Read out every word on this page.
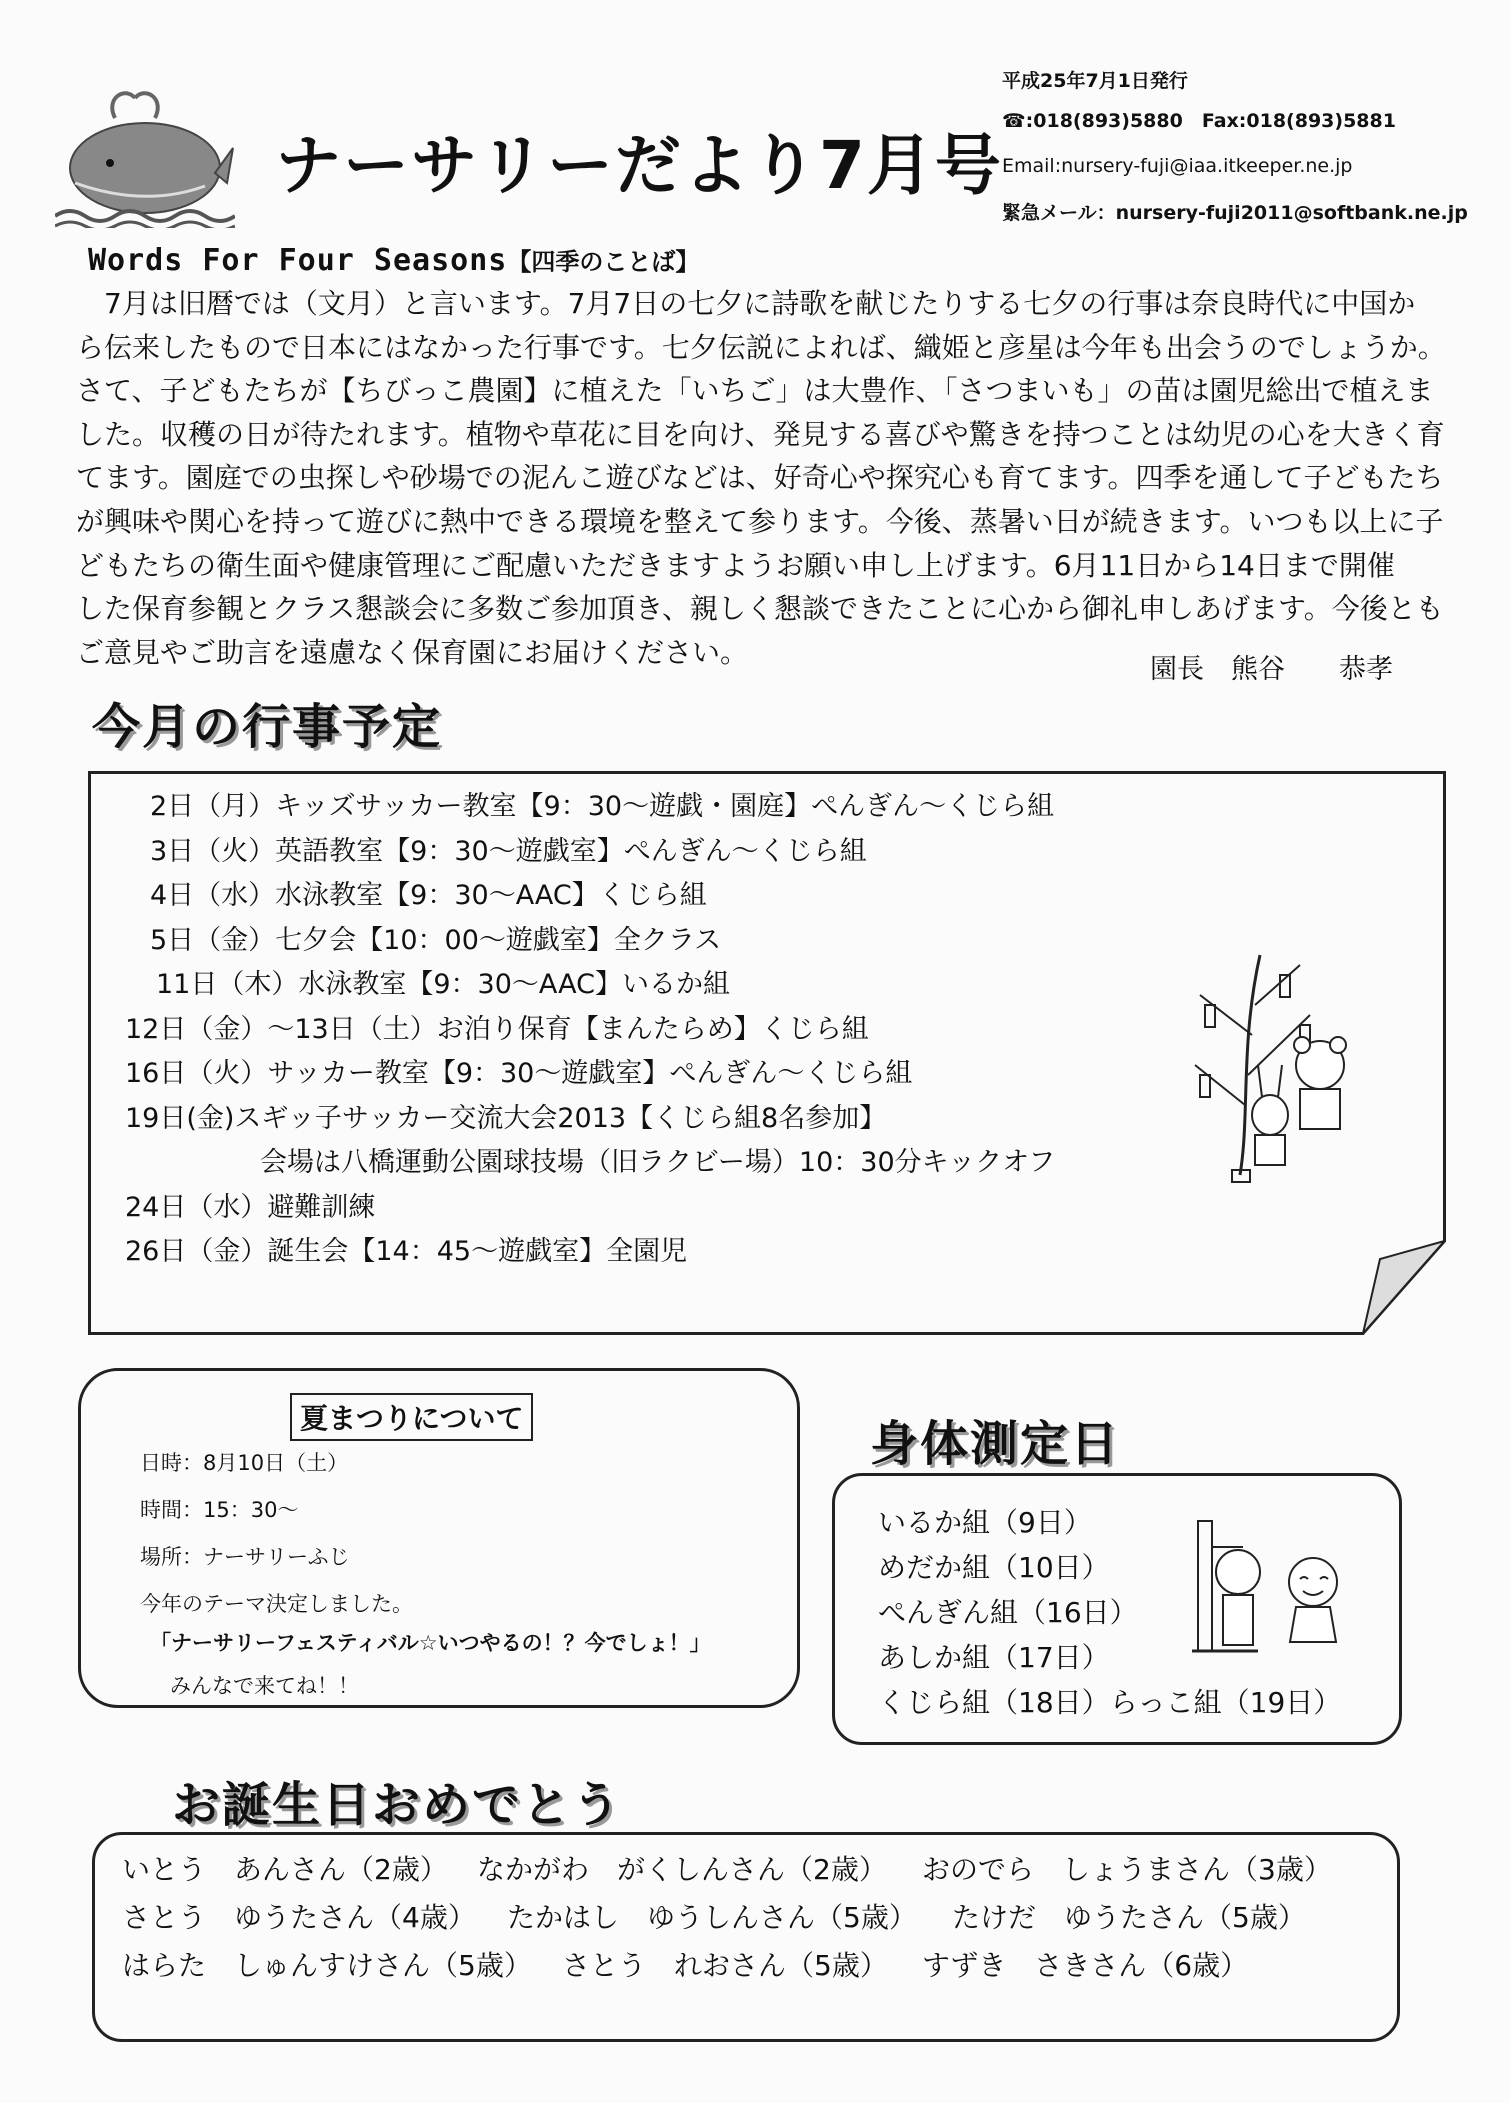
ナーサリーだより7月号
平成25年7月1日発行
☎:018(893)5880　Fax:018(893)5881
Email:nursery-fuji@iaa.itkeeper.ne.jp
緊急メール：nursery-fuji2011@softbank.ne.jp
Words For Four Seasons【四季のことば】
　7月は旧暦では（文月）と言います。7月7日の七夕に詩歌を献じたりする七夕の行事は奈良時代に中国か
ら伝来したもので日本にはなかった行事です。七夕伝説によれば、織姫と彦星は今年も出会うのでしょうか。
さて、子どもたちが【ちびっこ農園】に植えた「いちご」は大豊作、「さつまいも」の苗は園児総出で植えま
した。収穫の日が待たれます。植物や草花に目を向け、発見する喜びや驚きを持つことは幼児の心を大きく育
てます。園庭での虫探しや砂場での泥んこ遊びなどは、好奇心や探究心も育てます。四季を通して子どもたち
が興味や関心を持って遊びに熱中できる環境を整えて参ります。今後、蒸暑い日が続きます。いつも以上に子
どもたちの衛生面や健康管理にご配慮いただきますようお願い申し上げます。6月11日から14日まで開催
した保育参観とクラス懇談会に多数ご参加頂き、親しく懇談できたことに心から御礼申しあげます。今後とも
ご意見やご助言を遠慮なく保育園にお届けください。
園長　熊谷　　恭孝
今月の行事予定
2日（月）キッズサッカー教室【9：30～遊戯・園庭】ぺんぎん～くじら組
3日（火）英語教室【9：30～遊戯室】ぺんぎん～くじら組
4日（水）水泳教室【9：30～AAC】くじら組
5日（金）七夕会【10：00～遊戯室】全クラス
11日（木）水泳教室【9：30～AAC】いるか組
12日（金）～13日（土）お泊り保育【まんたらめ】くじら組
16日（火）サッカー教室【9：30～遊戯室】ぺんぎん～くじら組
19日(金)スギッ子サッカー交流大会2013【くじら組8名参加】
会場は八橋運動公園球技場（旧ラクビー場）10：30分キックオフ
24日（水）避難訓練
26日（金）誕生会【14：45～遊戯室】全園児
夏まつりについて
日時：8月10日（土）
時間：15：30～
場所：ナーサリーふじ
今年のテーマ決定しました。
「ナーサリーフェスティバル☆いつやるの！？今でしょ！」
みんなで来てね！！
身体測定日
いるか組（9日）
めだか組（10日）
ぺんぎん組（16日）
あしか組（17日）
くじら組（18日）らっこ組（19日）
お誕生日おめでとう
いとう　あんさん（2歳） なかがわ　がくしんさん（2歳） おのでら　しょうまさん（3歳）
さとう　ゆうたさん（4歳） たかはし　ゆうしんさん（5歳） たけだ　ゆうたさん（5歳）
はらた　しゅんすけさん（5歳） さとう　れおさん（5歳） すずき　さきさん（6歳）
